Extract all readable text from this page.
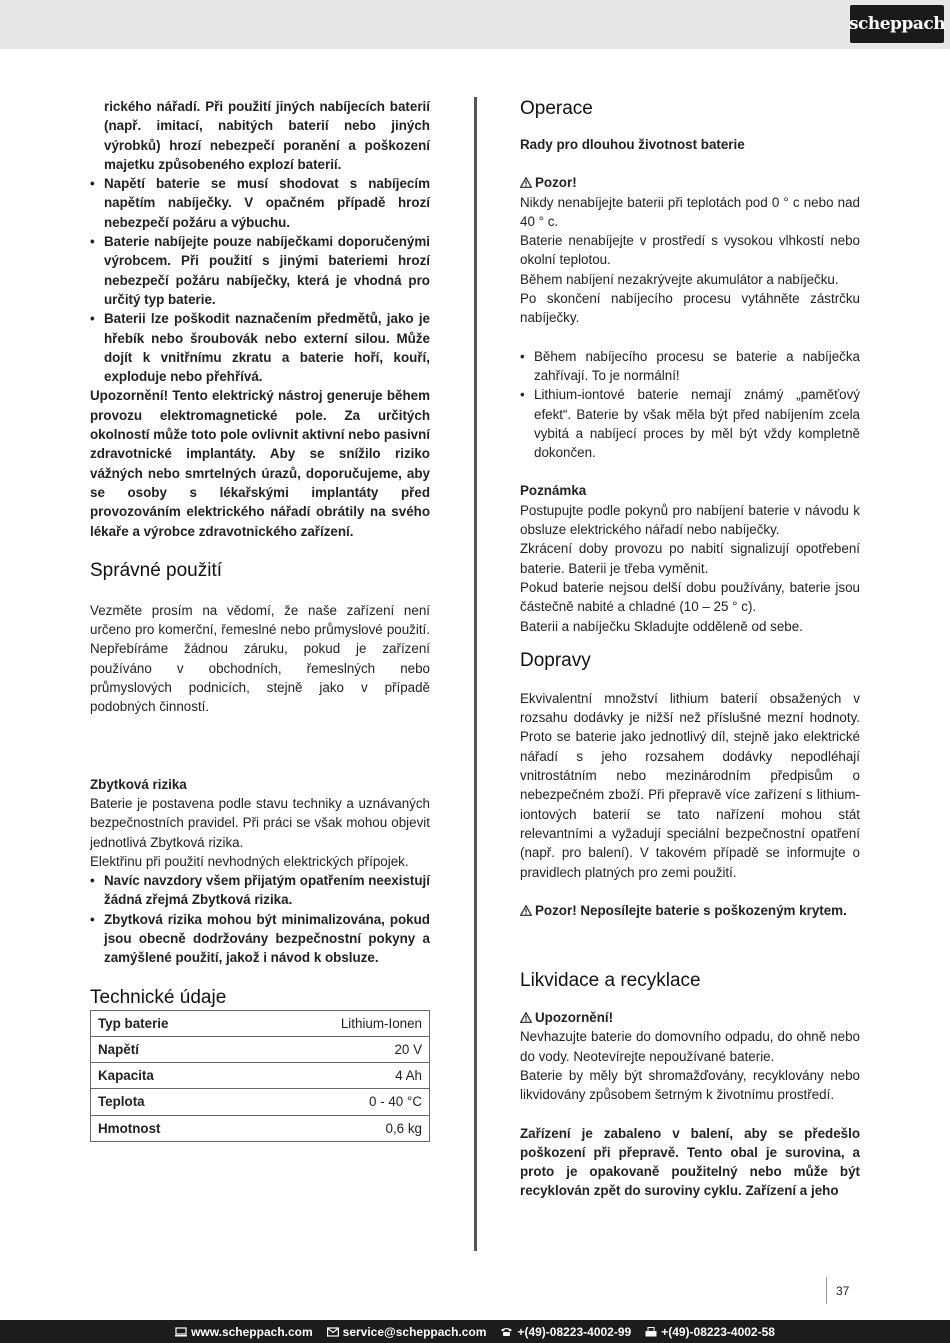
scheppach

rického nářadí. Při použití jiných nabíjecích baterií (např. imitací, nabitých baterií nebo jiných výrobků) hrozí nebezpečí poranění a poškození majetku způsobeného explozí baterií.

• Napětí baterie se musí shodovat s nabíjecím napětím nabíječky. V opačném případě hrozí nebezpečí požáru a výbuchu.
• Baterie nabíjejte pouze nabíječkami doporučenými výrobcem. Při použití s jinými bateriemi hrozí nebezpečí požáru nabíječky, která je vhodná pro určitý typ baterie.
• Baterii lze poškodit naznačením předmětů, jako je hřebík nebo šroubovák nebo externí silou. Může dojít k vnitřnímu zkratu a baterie hoří, kouří, exploduje nebo přehřívá.

Upozornění! Tento elektrický nástroj generuje během provozu elektromagnetické pole. Za určitých okolností může toto pole ovlivnit aktivní nebo pasivní zdravotnické implantáty. Aby se snížilo riziko vážných nebo smrtelných úrazů, doporučujeme, aby se osoby s lékařskými implantáty před provozováním elektrického nářadí obrátily na svého lékaře a výrobce zdravotnického zařízení.

Správné použití

Vezměte prosím na vědomí, že naše zařízení není určeno pro komerční, řemeslné nebo průmyslové použití. Nepřebíráme žádnou záruku, pokud je zařízení používáno v obchodních, řemeslných nebo průmyslových podnicích, stejně jako v případě podobných činností.

Zbytková rizika

Baterie je postavena podle stavu techniky a uznávaných bezpečnostních pravidel. Při práci se však mohou objevit jednotlivá Zbytková rizika.

Elektřinu při použití nevhodných elektrických přípojek.

• Navíc navzdory všem přijatým opatřením neexistují žádná zřejmá Zbytková rizika.
• Zbytková rizika mohou být minimalizována, pokud jsou obecně dodržovány bezpečnostní pokyny a zamýšlené použití, jakož i návod k obsluze.
Technické údaje
Typ baterie	Lithium-Ionen
Napětí	20 V
Kapacita	4 Ah
Teplota	0 - 40 °C
Hmotnost	0,6 kg
Operace

Rady pro dlouhou životnost baterie

Pozor!

Nikdy nenabíjejte baterii při teplotách pod 0 ° c nebo nad 40 ° c.

Baterie nenabíjejte v prostředí s vysokou vlhkostí nebo okolní teplotou.

Během nabíjení nezakrývejte akumulátor a nabíječku.

Po skončení nabíjecího procesu vytáhněte zástrčku nabíječky.

• Během nabíjecího procesu se baterie a nabíječka zahřívají. To je normální!
• Lithium-iontové baterie nemají známý „paměťový efekt“. Baterie by však měla být před nabíjením zcela vybitá a nabíjecí proces by měl být vždy kompletně dokončen.

Poznámka

Postupujte podle pokynů pro nabíjení baterie v návodu k obsluze elektrického nářadí nebo nabíječky.

Zkrácení doby provozu po nabití signalizují opotřebení baterie. Baterii je třeba vyměnit.

Pokud baterie nejsou delší dobu používány, baterie jsou částečně nabité a chladné (10 – 25 ° c).

Baterii a nabíječku Skladujte odděleně od sebe.

Dopravy

Ekvivalentní množství lithium baterií obsažených v rozsahu dodávky je nižší než příslušné mezní hodnoty. Proto se baterie jako jednotlivý díl, stejně jako elektrické nářadí s jeho rozsahem dodávky nepodléhají vnitrostátním nebo mezinárodním předpisům o nebezpečném zboží. Při přepravě více zařízení s lithium-iontových baterií se tato nařízení mohou stát relevantními a vyžadují speciální bezpečnostní opatření (např. pro balení). V takovém případě se informujte o pravidlech platných pro zemi použití.

Pozor! Neposílejte baterie s poškozeným krytem.

Likvidace a recyklace

Upozornění!

Nevhazujte baterie do domovního odpadu, do ohně nebo do vody. Neotevírejte nepoužívané baterie.

Baterie by měly být shromažďovány, recyklovány nebo likvidovány způsobem šetrným k životnímu prostředí.

Zařízení je zabaleno v balení, aby se předešlo poškození při přepravě. Tento obal je surovina, a proto je opakovaně použitelný nebo může být recyklován zpět do suroviny cyklu. Zařízení a jeho

37
www.scheppach.com	service@scheppach.com	+(49)-08223-4002-99	+(49)-08223-4002-58
